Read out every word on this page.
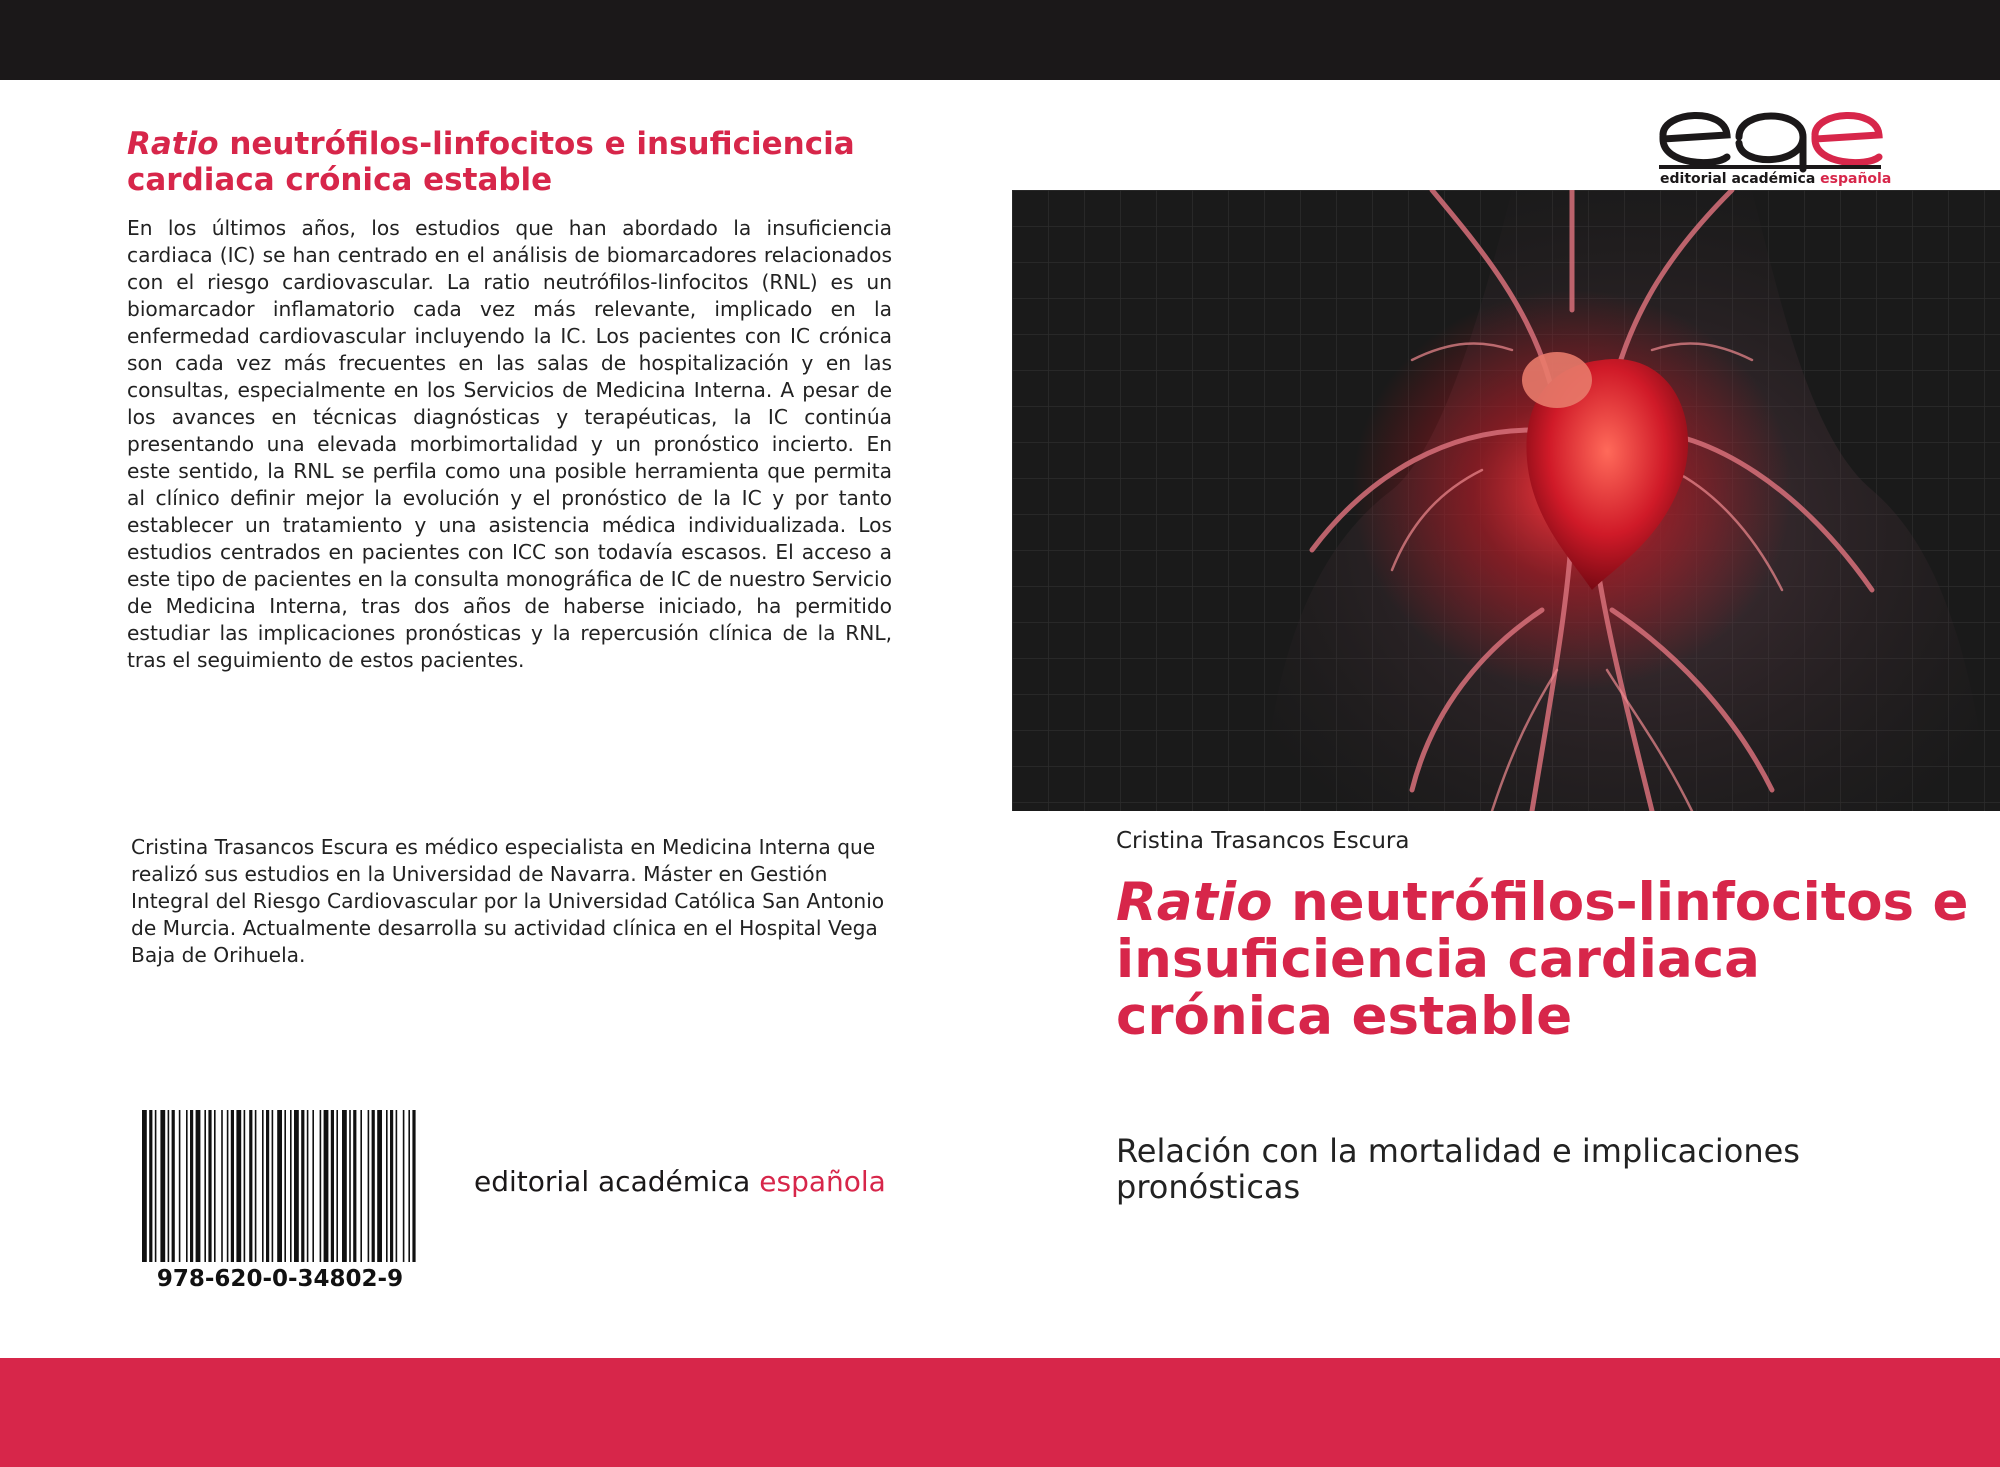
Ratio neutrófilos-linfocitos e insuficiencia cardiaca crónica estable

En los últimos años, los estudios que han abordado la insuficiencia cardiaca (IC) se han centrado en el análisis de biomarcadores relacionados con el riesgo cardiovascular. La ratio neutrófilos-linfocitos (RNL) es un biomarcador inflamatorio cada vez más relevante, implicado en la enfermedad cardiovascular incluyendo la IC. Los pacientes con IC crónica son cada vez más frecuentes en las salas de hospitalización y en las consultas, especialmente en los Servicios de Medicina Interna. A pesar de los avances en técnicas diagnósticas y terapéuticas, la IC continúa presentando una elevada morbimortalidad y un pronóstico incierto. En este sentido, la RNL se perfila como una posible herramienta que permita al clínico definir mejor la evolución y el pronóstico de la IC y por tanto establecer un tratamiento y una asistencia médica individualizada. Los estudios centrados en pacientes con ICC son todavía escasos. El acceso a este tipo de pacientes en la consulta monográfica de IC de nuestro Servicio de Medicina Interna, tras dos años de haberse iniciado, ha permitido estudiar las implicaciones pronósticas y la repercusión clínica de la RNL, tras el seguimiento de estos pacientes.

Cristina Trasancos Escura es médico especialista en Medicina Interna que realizó sus estudios en la Universidad de Navarra. Máster en Gestión Integral del Riesgo Cardiovascular por la Universidad Católica San Antonio de Murcia. Actualmente desarrolla su actividad clínica en el Hospital Vega Baja de Orihuela.

978-620-0-34802-9
editorial académica española
editorial académica española
Cristina Trasancos Escura
Ratio neutrófilos-linfocitos e insuficiencia cardiaca crónica estable

Relación con la mortalidad e implicaciones pronósticas
